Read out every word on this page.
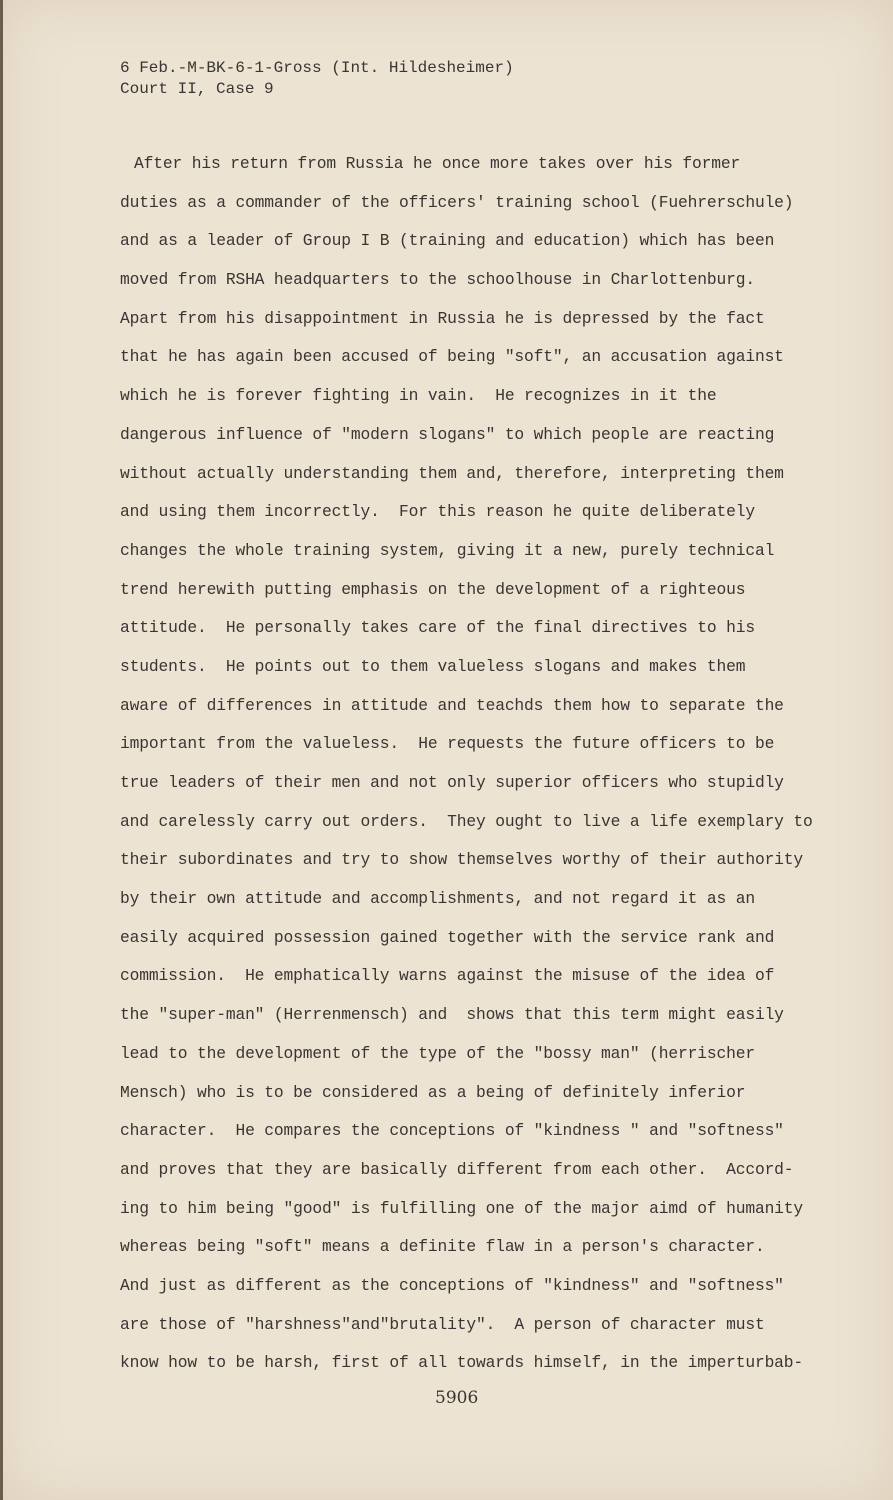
6 Feb.-M-BK-6-1-Gross (Int. Hildesheimer)
Court II, Case 9
After his return from Russia he once more takes over his former
duties as a commander of the officers' training school (Fuehrerschule)
and as a leader of Group I B (training and education) which has been
moved from RSHA headquarters to the schoolhouse in Charlottenburg.
Apart from his disappointment in Russia he is depressed by the fact
that he has again been accused of being "soft", an accusation against
which he is forever fighting in vain.  He recognizes in it the
dangerous influence of "modern slogans" to which people are reacting
without actually understanding them and, therefore, interpreting them
and using them incorrectly.  For this reason he quite deliberately
changes the whole training system, giving it a new, purely technical
trend herewith putting emphasis on the development of a righteous
attitude.  He personally takes care of the final directives to his
students.  He points out to them valueless slogans and makes them
aware of differences in attitude and teachds them how to separate the
important from the valueless.  He requests the future officers to be
true leaders of their men and not only superior officers who stupidly
and carelessly carry out orders.  They ought to live a life exemplary to
their subordinates and try to show themselves worthy of their authority
by their own attitude and accomplishments, and not regard it as an
easily acquired possession gained together with the service rank and
commission.  He emphatically warns against the misuse of the idea of
the "super-man" (Herrenmensch) and  shows that this term might easily
lead to the development of the type of the "bossy man" (herrischer
Mensch) who is to be considered as a being of definitely inferior
character.  He compares the conceptions of "kindness " and "softness"
and proves that they are basically different from each other.  Accord-
ing to him being "good" is fulfilling one of the major aimd of humanity
whereas being "soft" means a definite flaw in a person's character.
And just as different as the conceptions of "kindness" and "softness"
are those of "harshness"and"brutality".  A person of character must
know how to be harsh, first of all towards himself, in the imperturbab-
5906
